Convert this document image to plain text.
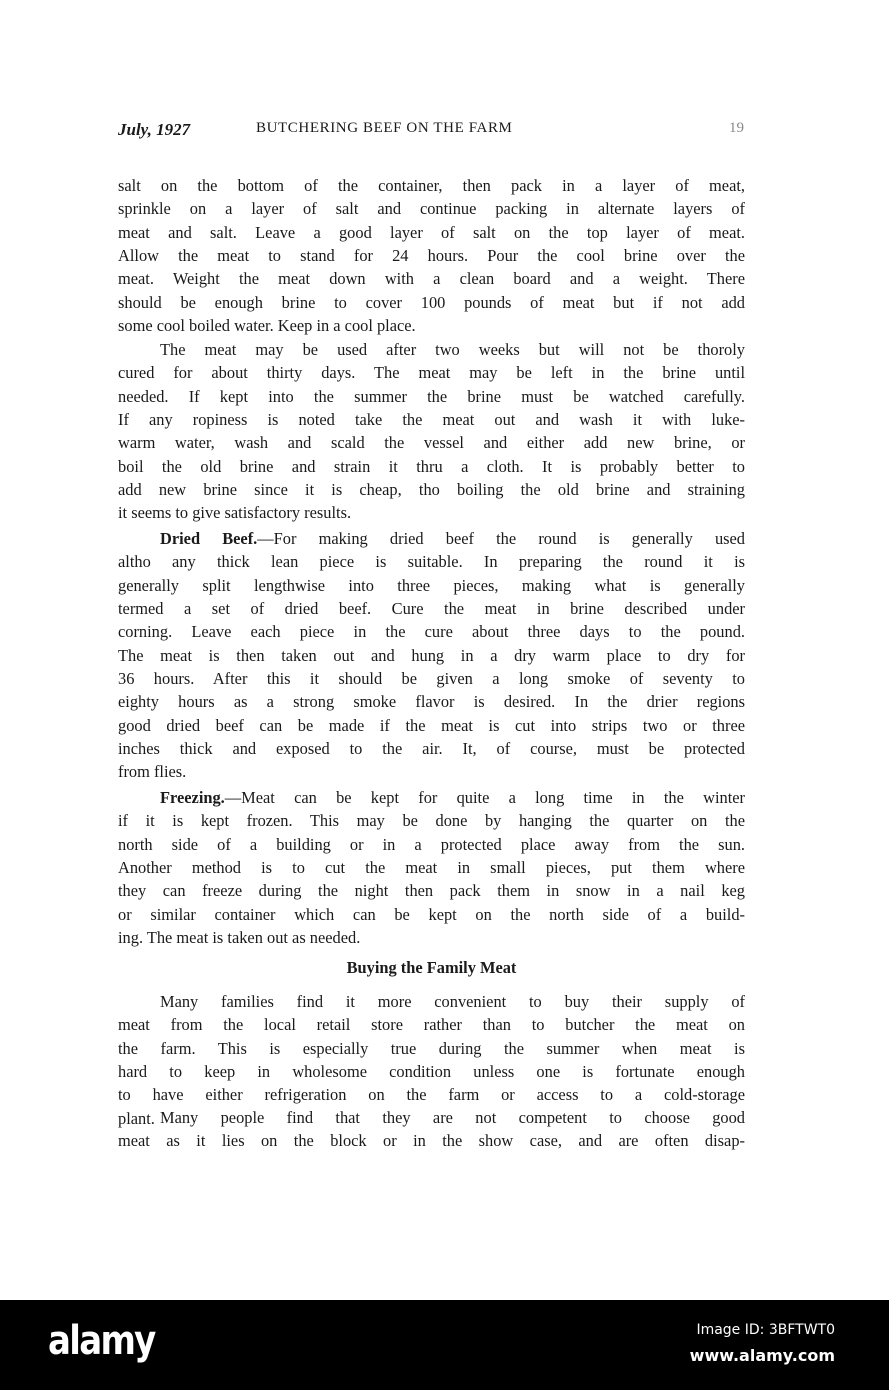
July, 1927	BUTCHERING BEEF ON THE FARM	19
salt on the bottom of the container, then pack in a layer of meat,
sprinkle on a layer of salt and continue packing in alternate layers of
meat and salt. Leave a good layer of salt on the top layer of meat.
Allow the meat to stand for 24 hours. Pour the cool brine over the
meat. Weight the meat down with a clean board and a weight. There
should be enough brine to cover 100 pounds of meat but if not add
some cool boiled water. Keep in a cool place.
The meat may be used after two weeks but will not be thoroly
cured for about thirty days. The meat may be left in the brine until
needed. If kept into the summer the brine must be watched carefully.
If any ropiness is noted take the meat out and wash it with luke-
warm water, wash and scald the vessel and either add new brine, or
boil the old brine and strain it thru a cloth. It is probably better to
add new brine since it is cheap, tho boiling the old brine and straining
it seems to give satisfactory results.
Dried Beef.—For making dried beef the round is generally used
altho any thick lean piece is suitable. In preparing the round it is
generally split lengthwise into three pieces, making what is generally
termed a set of dried beef. Cure the meat in brine described under
corning. Leave each piece in the cure about three days to the pound.
The meat is then taken out and hung in a dry warm place to dry for
36 hours. After this it should be given a long smoke of seventy to
eighty hours as a strong smoke flavor is desired. In the drier regions
good dried beef can be made if the meat is cut into strips two or three
inches thick and exposed to the air. It, of course, must be protected
from flies.
Freezing.—Meat can be kept for quite a long time in the winter
if it is kept frozen. This may be done by hanging the quarter on the
north side of a building or in a protected place away from the sun.
Another method is to cut the meat in small pieces, put them where
they can freeze during the night then pack them in snow in a nail keg
or similar container which can be kept on the north side of a build-
ing. The meat is taken out as needed.
Buying the Family Meat
Many families find it more convenient to buy their supply of
meat from the local retail store rather than to butcher the meat on
the farm. This is especially true during the summer when meat is
hard to keep in wholesome condition unless one is fortunate enough
to have either refrigeration on the farm or access to a cold-storage
plant. Many people find that they are not competent to choose good
meat as it lies on the block or in the show case, and are often disap-
alamy	Image ID: 3BFTWT0
www.alamy.com
